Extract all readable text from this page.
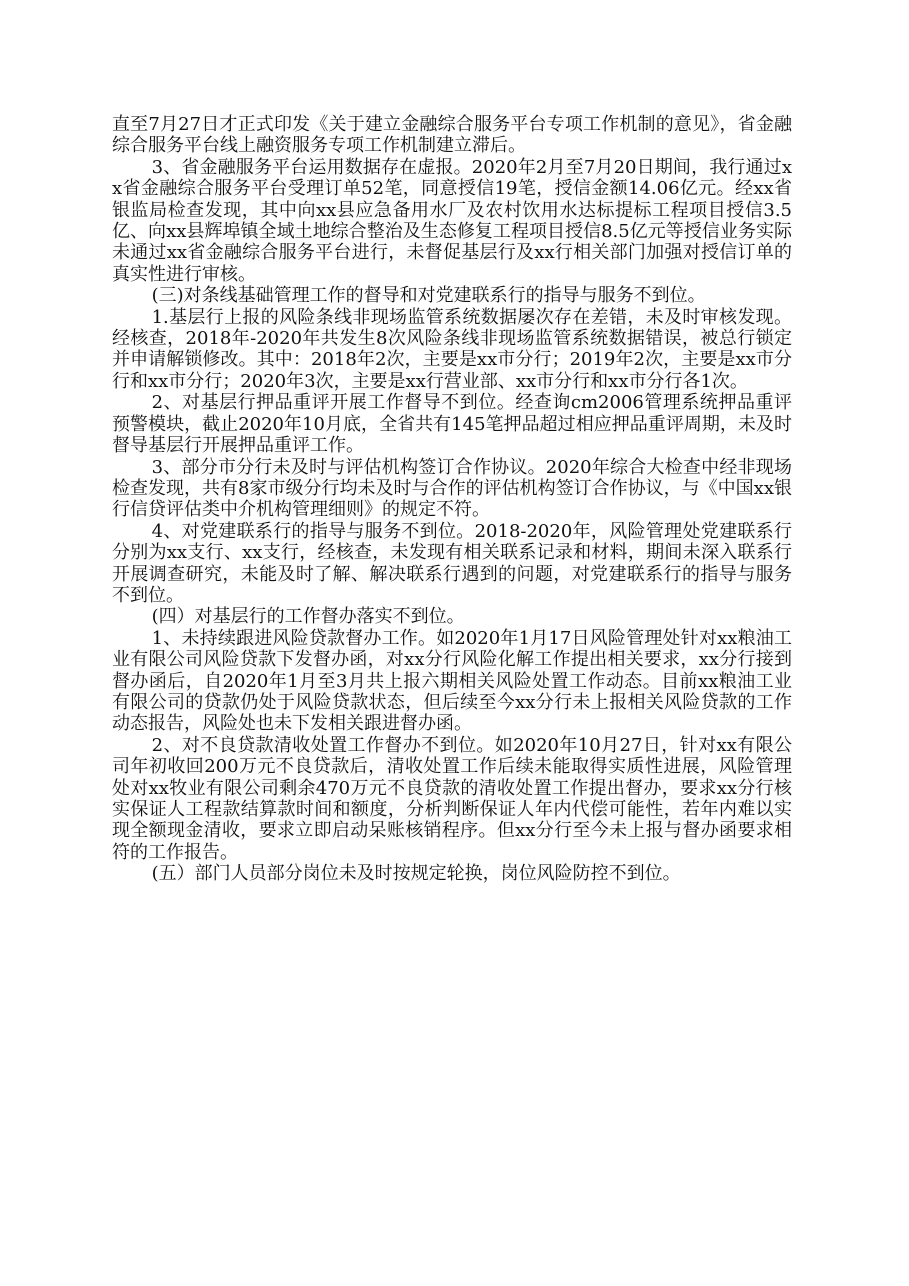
直至7月27日才正式印发《关于建立金融综合服务平台专项工作机制的意见》，省金融综合服务平台线上融资服务专项工作机制建立滞后。

3、省金融服务平台运用数据存在虚报。2020年2月至7月20日期间，我行通过xx省金融综合服务平台受理订单52笔，同意授信19笔，授信金额14.06亿元。经xx省银监局检查发现，其中向xx县应急备用水厂及农村饮用水达标提标工程项目授信3.5亿、向xx县辉埠镇全域土地综合整治及生态修复工程项目授信8.5亿元等授信业务实际未通过xx省金融综合服务平台进行，未督促基层行及xx行相关部门加强对授信订单的真实性进行审核。

(三)对条线基础管理工作的督导和对党建联系行的指导与服务不到位。

1.基层行上报的风险条线非现场监管系统数据屡次存在差错，未及时审核发现。经核查，2018年-2020年共发生8次风险条线非现场监管系统数据错误，被总行锁定并申请解锁修改。其中：2018年2次，主要是xx市分行；2019年2次，主要是xx市分行和xx市分行；2020年3次，主要是xx行营业部、xx市分行和xx市分行各1次。

2、对基层行押品重评开展工作督导不到位。经查询cm2006管理系统押品重评预警模块，截止2020年10月底，全省共有145笔押品超过相应押品重评周期，未及时督导基层行开展押品重评工作。

3、部分市分行未及时与评估机构签订合作协议。2020年综合大检查中经非现场检查发现，共有8家市级分行均未及时与合作的评估机构签订合作协议，与《中国xx银行信贷评估类中介机构管理细则》的规定不符。

4、对党建联系行的指导与服务不到位。2018-2020年，风险管理处党建联系行分别为xx支行、xx支行，经核查，未发现有相关联系记录和材料，期间未深入联系行开展调查研究，未能及时了解、解决联系行遇到的问题，对党建联系行的指导与服务不到位。

(四）对基层行的工作督办落实不到位。

1、未持续跟进风险贷款督办工作。如2020年1月17日风险管理处针对xx粮油工业有限公司风险贷款下发督办函，对xx分行风险化解工作提出相关要求，xx分行接到督办函后，自2020年1月至3月共上报六期相关风险处置工作动态。目前xx粮油工业有限公司的贷款仍处于风险贷款状态，但后续至今xx分行未上报相关风险贷款的工作动态报告，风险处也未下发相关跟进督办函。

2、对不良贷款清收处置工作督办不到位。如2020年10月27日，针对xx有限公司年初收回200万元不良贷款后，清收处置工作后续未能取得实质性进展，风险管理处对xx牧业有限公司剩余470万元不良贷款的清收处置工作提出督办，要求xx分行核实保证人工程款结算款时间和额度，分析判断保证人年内代偿可能性，若年内难以实现全额现金清收，要求立即启动呆账核销程序。但xx分行至今未上报与督办函要求相符的工作报告。

(五）部门人员部分岗位未及时按规定轮换，岗位风险防控不到位。
